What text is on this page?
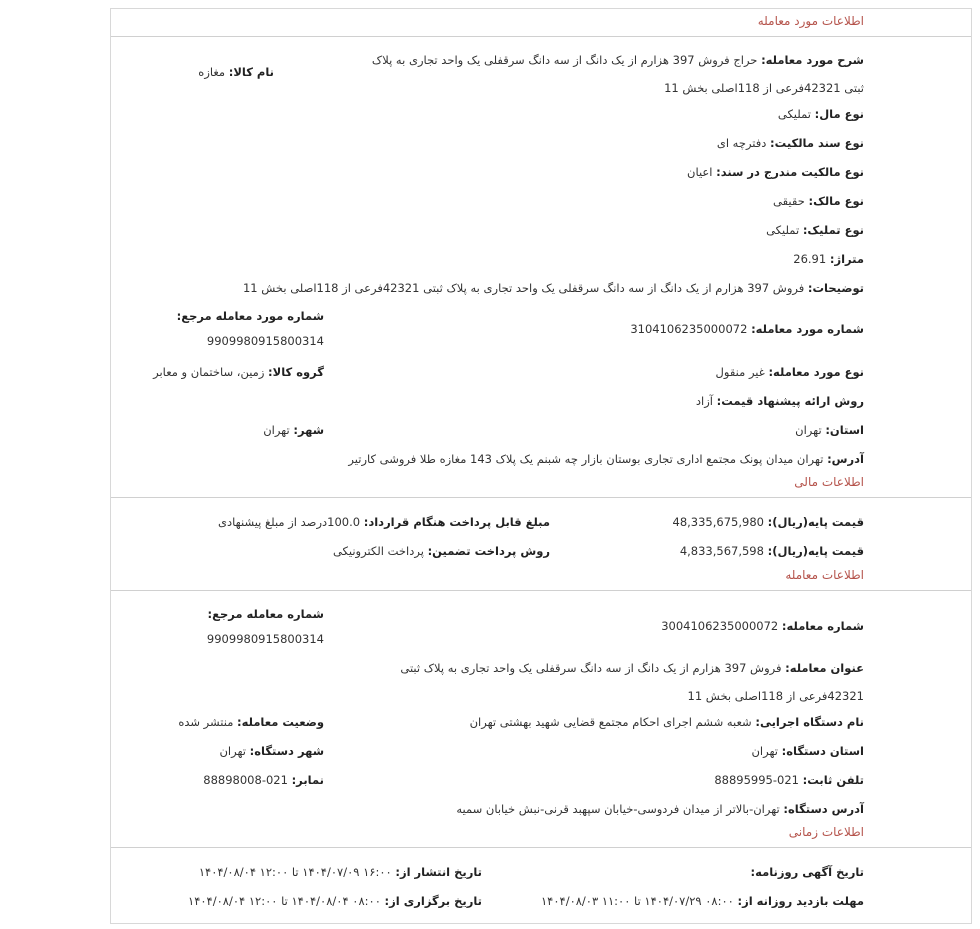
اطلاعات مورد معامله
شرح مورد معامله: حراج فروش 397 هزارم از یک دانگ از سه دانگ سرقفلی یک واحد تجاری به پلاک ثبتی 42321فرعی از 118اصلی بخش 11
نام کالا: مغازه
نوع مال: تملیکی
نوع سند مالکیت: دفترچه ای
نوع مالکیت مندرج در سند: اعیان
نوع مالک: حقیقی
نوع تملیک: تملیکی
متراژ: 26.91
توضیحات: فروش 397 هزارم از یک دانگ از سه دانگ سرقفلی یک واحد تجاری به پلاک ثبتی 42321فرعی از 118اصلی بخش 11
شماره مورد معامله مرجع:
9909980915800314
شماره مورد معامله: 3104106235000072
نوع مورد معامله: غیر منقول
گروه کالا: زمین، ساختمان و معابر
روش ارائه پیشنهاد قیمت: آزاد
استان: تهران
شهر: تهران
آدرس: تهران میدان پونک مجتمع اداری تجاری بوستان بازار چه شبنم یک پلاک 143 مغازه طلا فروشی کارتیر
اطلاعات مالی
قیمت پایه(ریال): 48,335,675,980
مبلغ قابل پرداخت هنگام قرارداد: 100.0درصد از مبلغ پیشنهادی
قیمت پایه(ریال): 4,833,567,598
روش پرداخت تضمین: پرداخت الکترونیکی
اطلاعات معامله
شماره معامله مرجع:
9909980915800314
شماره معامله: 3004106235000072
عنوان معامله: فروش 397 هزارم از یک دانگ از سه دانگ سرقفلی یک واحد تجاری به پلاک ثبتی 42321فرعی از 118اصلی بخش 11
نام دستگاه اجرایی: شعبه ششم اجرای احکام مجتمع قضایی شهید بهشتی تهران
وضعیت معامله: منتشر شده
استان دستگاه: تهران
شهر دستگاه: تهران
تلفن ثابت: 021-88895995
نمابر: 021-88898008
آدرس دستگاه: تهران-بالاتر از میدان فردوسی-خیابان سپهبد قرنی-نبش خیابان سمیه
اطلاعات زمانی
تاریخ آگهی روزنامه:
تاریخ انتشار از: ۱۶:۰۰ ۱۴۰۴/۰۷/۰۹ تا ۱۲:۰۰ ۱۴۰۴/۰۸/۰۴
مهلت بازدید روزانه از: ۰۸:۰۰ ۱۴۰۴/۰۷/۲۹ تا ۱۱:۰۰ ۱۴۰۴/۰۸/۰۳
تاریخ برگزاری از: ۰۸:۰۰ ۱۴۰۴/۰۸/۰۴ تا ۱۲:۰۰ ۱۴۰۴/۰۸/۰۴
